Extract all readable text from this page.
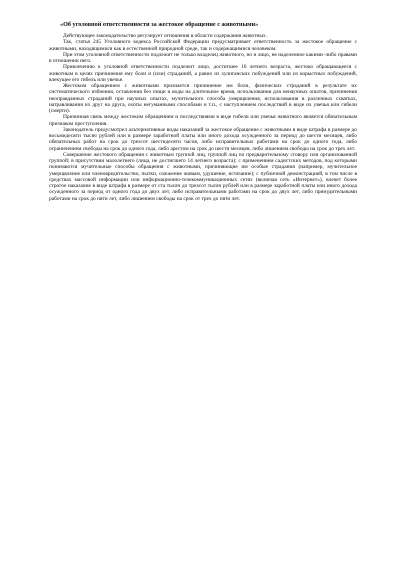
«Об уголовной ответственности за жестокое обращение с животными»

Действующее законодательство регулирует отношения в области содержания животных.

Так, статья 245 Уголовного кодекса Российской Федерации предусматривает ответственность за жестокое обращение с животными, находящимися как в естественной природной среде, так и содержащимися человеком.

При этом уголовной ответственности подлежит не только владелец животного, но и лицо, не наделенное какими–либо правами в отношении него.

Привлечению к уголовной ответственности подлежит лицо, достигшее 16 летнего возраста, жестоко обращающееся с животным в целях причинения ему боли и (или) страданий, а равно из хулиганских побуждений или из корыстных побуждений, влекущее его гибель или увечье.

Жестоким обращением с животными признается причинение им боли, физических страданий в результате их систематического избиения, оставления без пищи и воды на длительное время, использования для ненаучных опытов, причинения неоправданных страданий при научных опытах, мучительного способа умерщвления, использования в различных схватках, натравливания их друг на друга, охоты негуманными способами и т.п., с наступлением последствий в виде их увечья или гибели (смерти).

Причинная связь между жестоким обращением и последствиями в виде гибели или увечья животного является обязательным признаком преступления.

Законодатель предусмотрел альтернативные виды наказаний за жестокое обращение с животными в виде штрафа в размере до восьмидесяти тысяч рублей или в размере заработной платы или иного дохода осужденного за период до шести месяцев, либо обязательных работ на срок до трехсот шестидесяти часов, либо исправительных работами на срок до одного года, либо ограничением свободы на срок до одного года, либо арестом на срок до шести месяцев, либо лишением свободы на срок до трех лет.

Совершение жестокого обращения с животным группой лиц, группой лиц по предварительному сговору или организованной группой; в присутствии малолетнего (лица, не достигшего 14 летнего возраста); с применением садистских методов, под которыми понимаются мучительные способы обращения с животными, причиняющие им особые страдания (например, мучительное умерщвление или членовредительство, пытки, сожжение живым, удушение, истязание); с публичной демонстрацией, в том числе в средствах массовой информации или информационно-телекоммуникационных сетях (включая сеть «Интернет»), влечет более строгое наказание в виде штрафа в размере от ста тысяч до трехсот тысяч рублей или в размере заработной платы или иного дохода осужденного за период от одного года до двух лет, либо исправительными работами на срок до двух лет, либо принудительными работами на срок до пяти лет, либо лишением свободы на срок от трех до пяти лет.
